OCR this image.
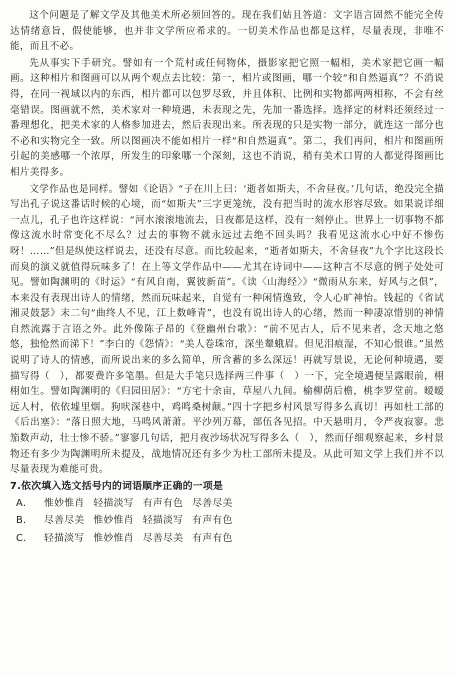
这个问题是了解文学及其他美术所必须回答的。现在我们姑且答道：文字语言固然不能完全传达情绪意旨，假使能够，也并非文学所应希求的。一切美术作品也都是这样，尽量表现，非唯不能，而且不必。

先从事实下手研究。譬如有一个荒村或任何物体，摄影家把它照一幅相，美术家把它画一幅画。这种相片和图画可以从两个观点去比较：第一，相片或图画，哪一个较“和自然逼真”？不消说得，在同一视域以内的东西，相片都可以包罗尽致，并且体积、比例和实物都两两相称，不会有丝毫错误。图画就不然，美术家对一种境遇，未表现之先，先加一番选择。选择定的材料还须经过一番理想化，把美术家的人格参加进去，然后表现出来。所表现的只是实物一部分，就连这一部分也不必和实物完全一致。所以图画决不能如相片一样“和自然逼真”。第二，我们再问，相片和图画所引起的美感哪一个浓厚，所发生的印象哪一个深刻，这也不消说，稍有美术口胃的人都觉得图画比相片美得多。

文学作品也是同样。譬如《论语》“子在川上曰：‘逝者如斯夫，不舍昼夜。’几句话，绝没完全描写出孔子说这番话时候的心境，而“如斯夫”三字更笼统，没有把当时的流水形容尽致。如果说详细一点儿，孔子也许这样说：“河水滚滚地流去，日夜都是这样，没有一刻停止。世界上一切事物不都像这流水时常变化不尽么？过去的事物不就永远过去绝不回头吗？我看见这流水心中好不惨伤呀！……”但是纵使这样说去，还没有尽意。而比较起来，“逝者如斯夫，不舍昼夜”九个字比这段长而臭的演义就值得玩味多了！在上等文学作品中——尤其在诗词中——这种言不尽意的例子处处可见。譬如陶渊明的《时运》“有风自南，翼彼新苗”。《读〈山海经〉》“微雨从东来，好风与之俱”，本来没有表现出诗人的情绪，然而玩味起来，自觉有一种闲情逸致，令人心旷神怡。钱起的《省试湘灵鼓瑟》末二句“曲终人不见，江上数峰青”，也没有说出诗人的心绪，然而一种凄凉惜别的神情自然流露于言语之外。此外像陈子昂的《登幽州台歌》：“前不见古人，后不见来者，念天地之悠悠，独怆然而涕下！”李白的《怨情》：“美人卷珠帘，深坐颦蛾眉。但见泪痕湿，不知心恨谁。”虽然说明了诗人的情感，而所说出来的多么简单，所含蓄的多么深远！再就写景说，无论何种境遇，要描写得（　），都要费许多笔墨。但是大手笔只选择两三件事（　）一下，完全境遇便呈露眼前，栩栩如生。譬如陶渊明的《归园田居》：“方宅十余亩，草屋八九间。榆柳荫后檐，桃李罗堂前。暧暧远人村，依依墟里烟。狗吠深巷中，鸡鸣桑树颠。”四十字把乡村风景写得多么真切！再如杜工部的《后出塞》：“落日照大地，马鸣风萧萧。平沙列万幕，部伍各见招。中天悬明月，令严夜寂寥。悲笳数声动，壮士惨不骄。”寥寥几句话，把月夜沙场状况写得多么（　），然而仔细观察起来，乡村景物还有多少为陶渊明所未提及，战地情况还有多少为杜工部所未提及。从此可知文学上我们并不以尽量表现为难能可贵。

7.依次填入选文括号内的词语顺序正确的一项是

A.	惟妙惟肖 轻描淡写 有声有色 尽善尽美
B.	尽善尽美 惟妙惟肖 轻描淡写 有声有色
C.	轻描淡写 惟妙惟肖 尽善尽美 有声有色
